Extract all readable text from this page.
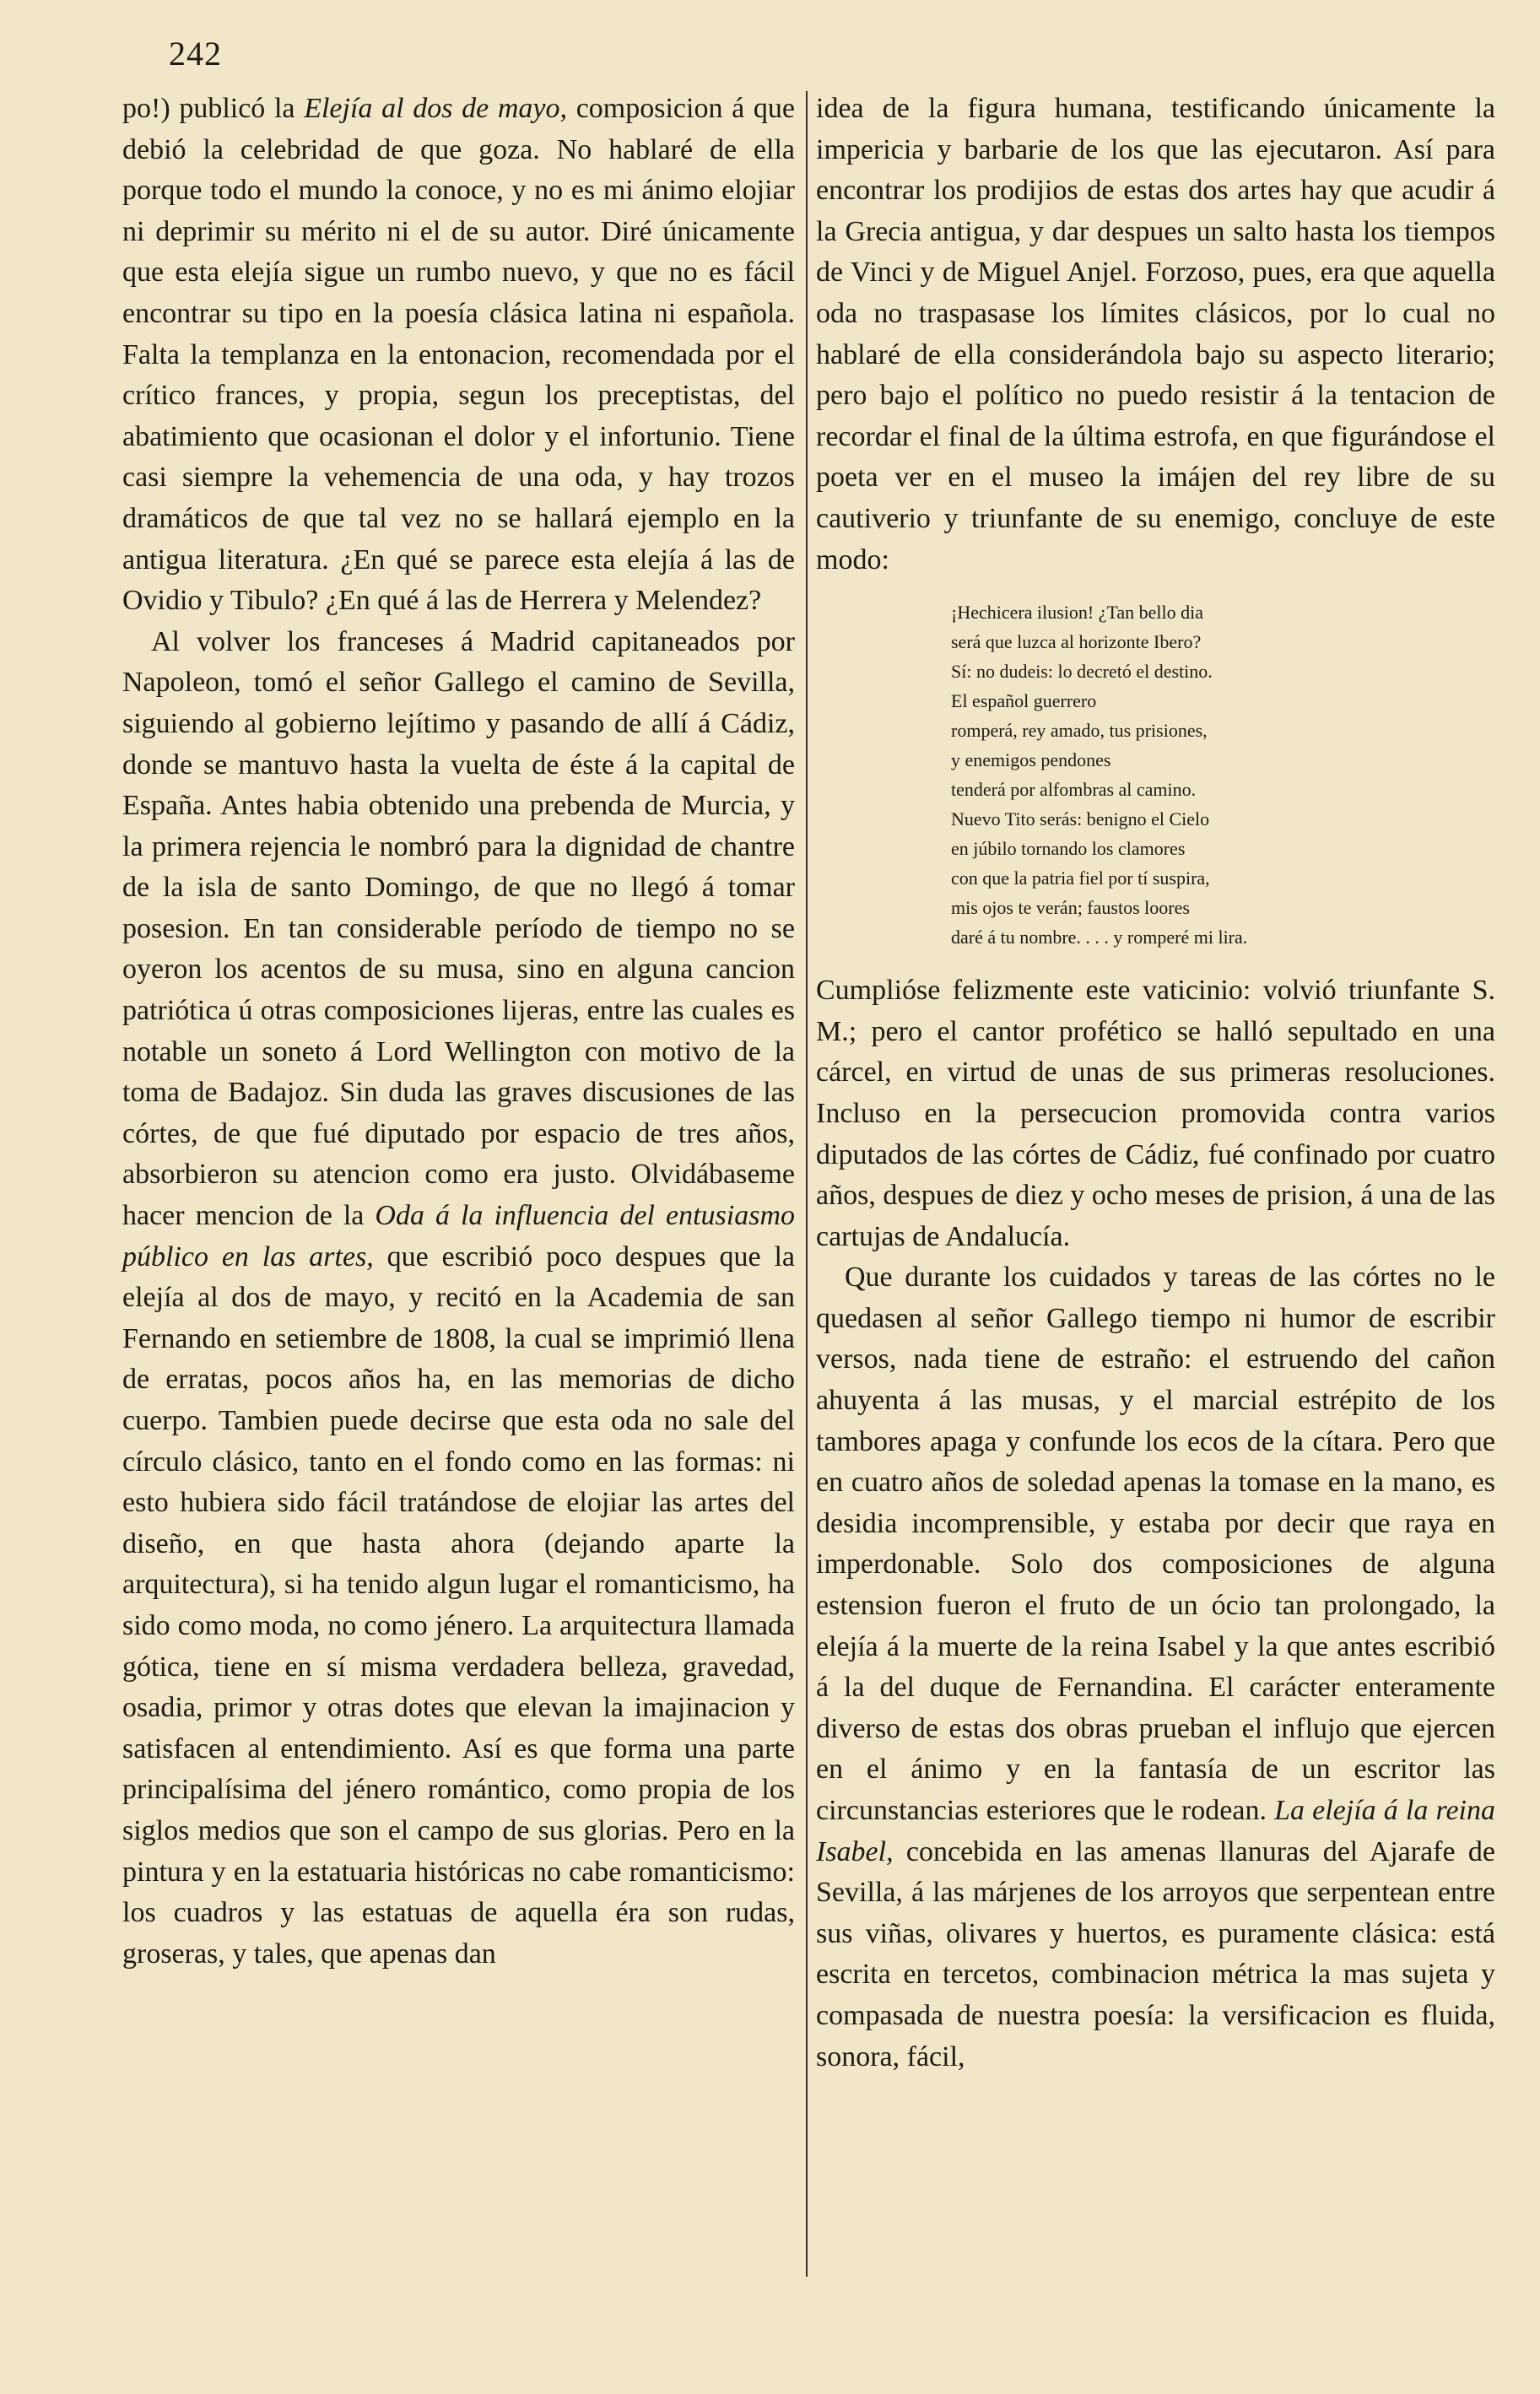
242

po!) publicó la Elejía al dos de mayo, composicion á que debió la celebridad de que goza. No hablaré de ella porque todo el mundo la conoce, y no es mi ánimo elojiar ni deprimir su mérito ni el de su autor. Diré únicamente que esta elejía sigue un rumbo nuevo, y que no es fácil encontrar su tipo en la poesía clásica latina ni española. Falta la templanza en la entonacion, recomendada por el crítico frances, y propia, segun los preceptistas, del abatimiento que ocasionan el dolor y el infortunio. Tiene casi siempre la vehemencia de una oda, y hay trozos dramáticos de que tal vez no se hallará ejemplo en la antigua literatura. ¿En qué se parece esta elejía á las de Ovidio y Tibulo? ¿En qué á las de Herrera y Melendez?

Al volver los franceses á Madrid capitaneados por Napoleon, tomó el señor Gallego el camino de Sevilla, siguiendo al gobierno lejítimo y pasando de allí á Cádiz, donde se mantuvo hasta la vuelta de éste á la capital de España. Antes habia obtenido una prebenda de Murcia, y la primera rejencia le nombró para la dignidad de chantre de la isla de santo Domingo, de que no llegó á tomar posesion. En tan considerable período de tiempo no se oyeron los acentos de su musa, sino en alguna cancion patriótica ú otras composiciones lijeras, entre las cuales es notable un soneto á Lord Wellington con motivo de la toma de Badajoz. Sin duda las graves discusiones de las córtes, de que fué diputado por espacio de tres años, absorbieron su atencion como era justo. Olvidábaseme hacer mencion de la Oda á la influencia del entusiasmo público en las artes, que escribió poco despues que la elejía al dos de mayo, y recitó en la Academia de san Fernando en setiembre de 1808, la cual se imprimió llena de erratas, pocos años ha, en las memorias de dicho cuerpo. Tambien puede decirse que esta oda no sale del círculo clásico, tanto en el fondo como en las formas: ni esto hubiera sido fácil tratándose de elojiar las artes del diseño, en que hasta ahora (dejando aparte la arquitectura), si ha tenido algun lugar el romanticismo, ha sido como moda, no como jénero. La arquitectura llamada gótica, tiene en sí misma verdadera belleza, gravedad, osadia, primor y otras dotes que elevan la imajinacion y satisfacen al entendimiento. Así es que forma una parte principalísima del jénero romántico, como propia de los siglos medios que son el campo de sus glorias. Pero en la pintura y en la estatuaria históricas no cabe romanticismo: los cuadros y las estatuas de aquella éra son rudas, groseras, y tales, que apenas dan

idea de la figura humana, testificando únicamente la impericia y barbarie de los que las ejecutaron. Así para encontrar los prodijios de estas dos artes hay que acudir á la Grecia antigua, y dar despues un salto hasta los tiempos de Vinci y de Miguel Anjel. Forzoso, pues, era que aquella oda no traspasase los límites clásicos, por lo cual no hablaré de ella considerándola bajo su aspecto literario; pero bajo el político no puedo resistir á la tentacion de recordar el final de la última estrofa, en que figurándose el poeta ver en el museo la imájen del rey libre de su cautiverio y triunfante de su enemigo, concluye de este modo:

¡Hechicera ilusion! ¿Tan bello dia
será que luzca al horizonte Ibero?
Sí: no dudeis: lo decretó el destino.
El español guerrero
romperá, rey amado, tus prisiones,
y enemigos pendones
tenderá por alfombras al camino.
Nuevo Tito serás: benigno el Cielo
en júbilo tornando los clamores
con que la patria fiel por tí suspira,
mis ojos te verán; faustos loores
daré á tu nombre. . . . y romperé mi lira.

Cumplióse felizmente este vaticinio: volvió triunfante S. M.; pero el cantor profético se halló sepultado en una cárcel, en virtud de unas de sus primeras resoluciones. Incluso en la persecucion promovida contra varios diputados de las córtes de Cádiz, fué confinado por cuatro años, despues de diez y ocho meses de prision, á una de las cartujas de Andalucía.

Que durante los cuidados y tareas de las córtes no le quedasen al señor Gallego tiempo ni humor de escribir versos, nada tiene de estraño: el estruendo del cañon ahuyenta á las musas, y el marcial estrépito de los tambores apaga y confunde los ecos de la cítara. Pero que en cuatro años de soledad apenas la tomase en la mano, es desidia incomprensible, y estaba por decir que raya en imperdonable. Solo dos composiciones de alguna estension fueron el fruto de un ócio tan prolongado, la elejía á la muerte de la reina Isabel y la que antes escribió á la del duque de Fernandina. El carácter enteramente diverso de estas dos obras prueban el influjo que ejercen en el ánimo y en la fantasía de un escritor las circunstancias esteriores que le rodean. La elejía á la reina Isabel, concebida en las amenas llanuras del Ajarafe de Sevilla, á las márjenes de los arroyos que serpentean entre sus viñas, olivares y huertos, es puramente clásica: está escrita en tercetos, combinacion métrica la mas sujeta y compasada de nuestra poesía: la versificacion es fluida, sonora, fácil,
